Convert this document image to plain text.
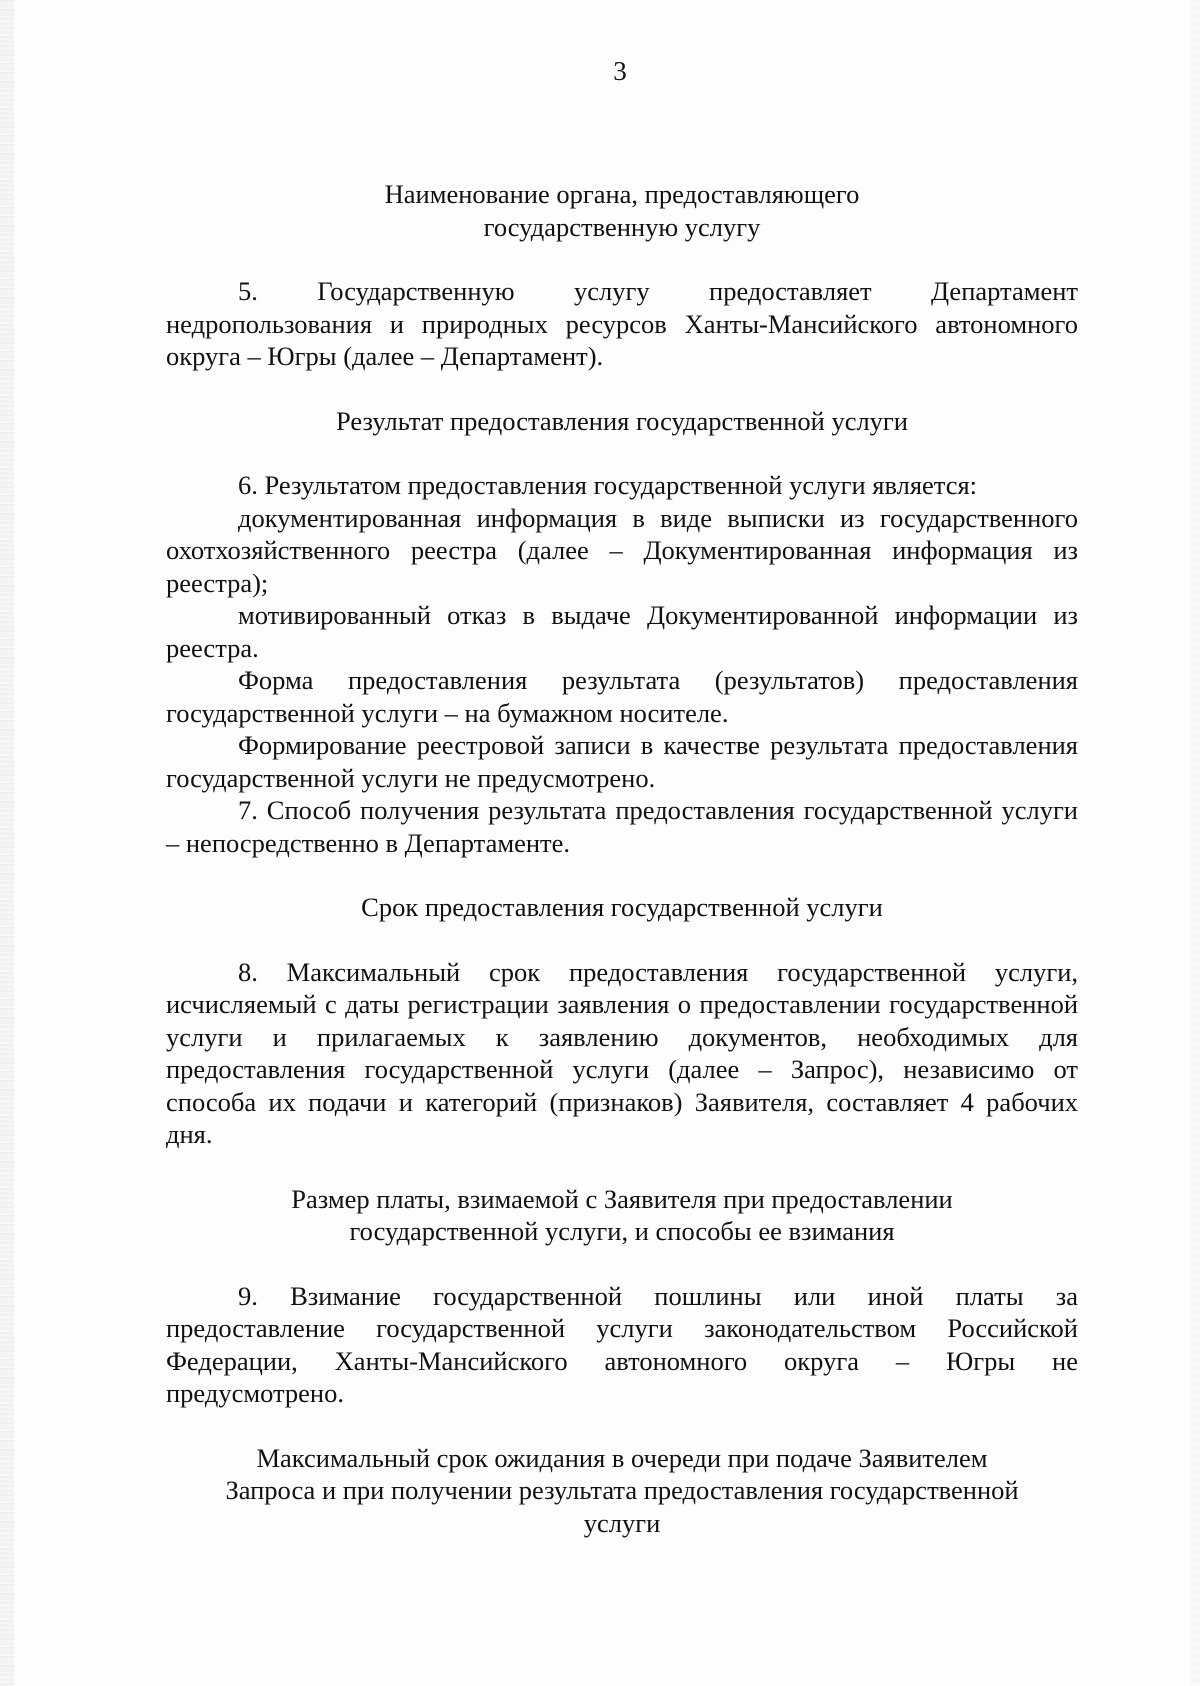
3
Наименование органа, предоставляющего
государственную услугу

5. Государственную услугу предоставляет Департамент недропользования и природных ресурсов Ханты-Мансийского автономного округа – Югры (далее – Департамент).

Результат предоставления государственной услуги

6. Результатом предоставления государственной услуги является:

документированная информация в виде выписки из государственного охотхозяйственного реестра (далее – Документированная информация из реестра);

мотивированный отказ в выдаче Документированной информации из реестра.

Форма предоставления результата (результатов) предоставления государственной услуги – на бумажном носителе.

Формирование реестровой записи в качестве результата предоставления государственной услуги не предусмотрено.

7. Способ получения результата предоставления государственной услуги – непосредственно в Департаменте.

Срок предоставления государственной услуги

8. Максимальный срок предоставления государственной услуги, исчисляемый с даты регистрации заявления о предоставлении государственной услуги и прилагаемых к заявлению документов, необходимых для предоставления государственной услуги (далее – Запрос), независимо от способа их подачи и категорий (признаков) Заявителя, составляет 4 рабочих дня.

Размер платы, взимаемой с Заявителя при предоставлении
государственной услуги, и способы ее взимания

9. Взимание государственной пошлины или иной платы за предоставление государственной услуги законодательством Российской Федерации, Ханты-Мансийского автономного округа – Югры не предусмотрено.

Максимальный срок ожидания в очереди при подаче Заявителем
Запроса и при получении результата предоставления государственной
услуги
